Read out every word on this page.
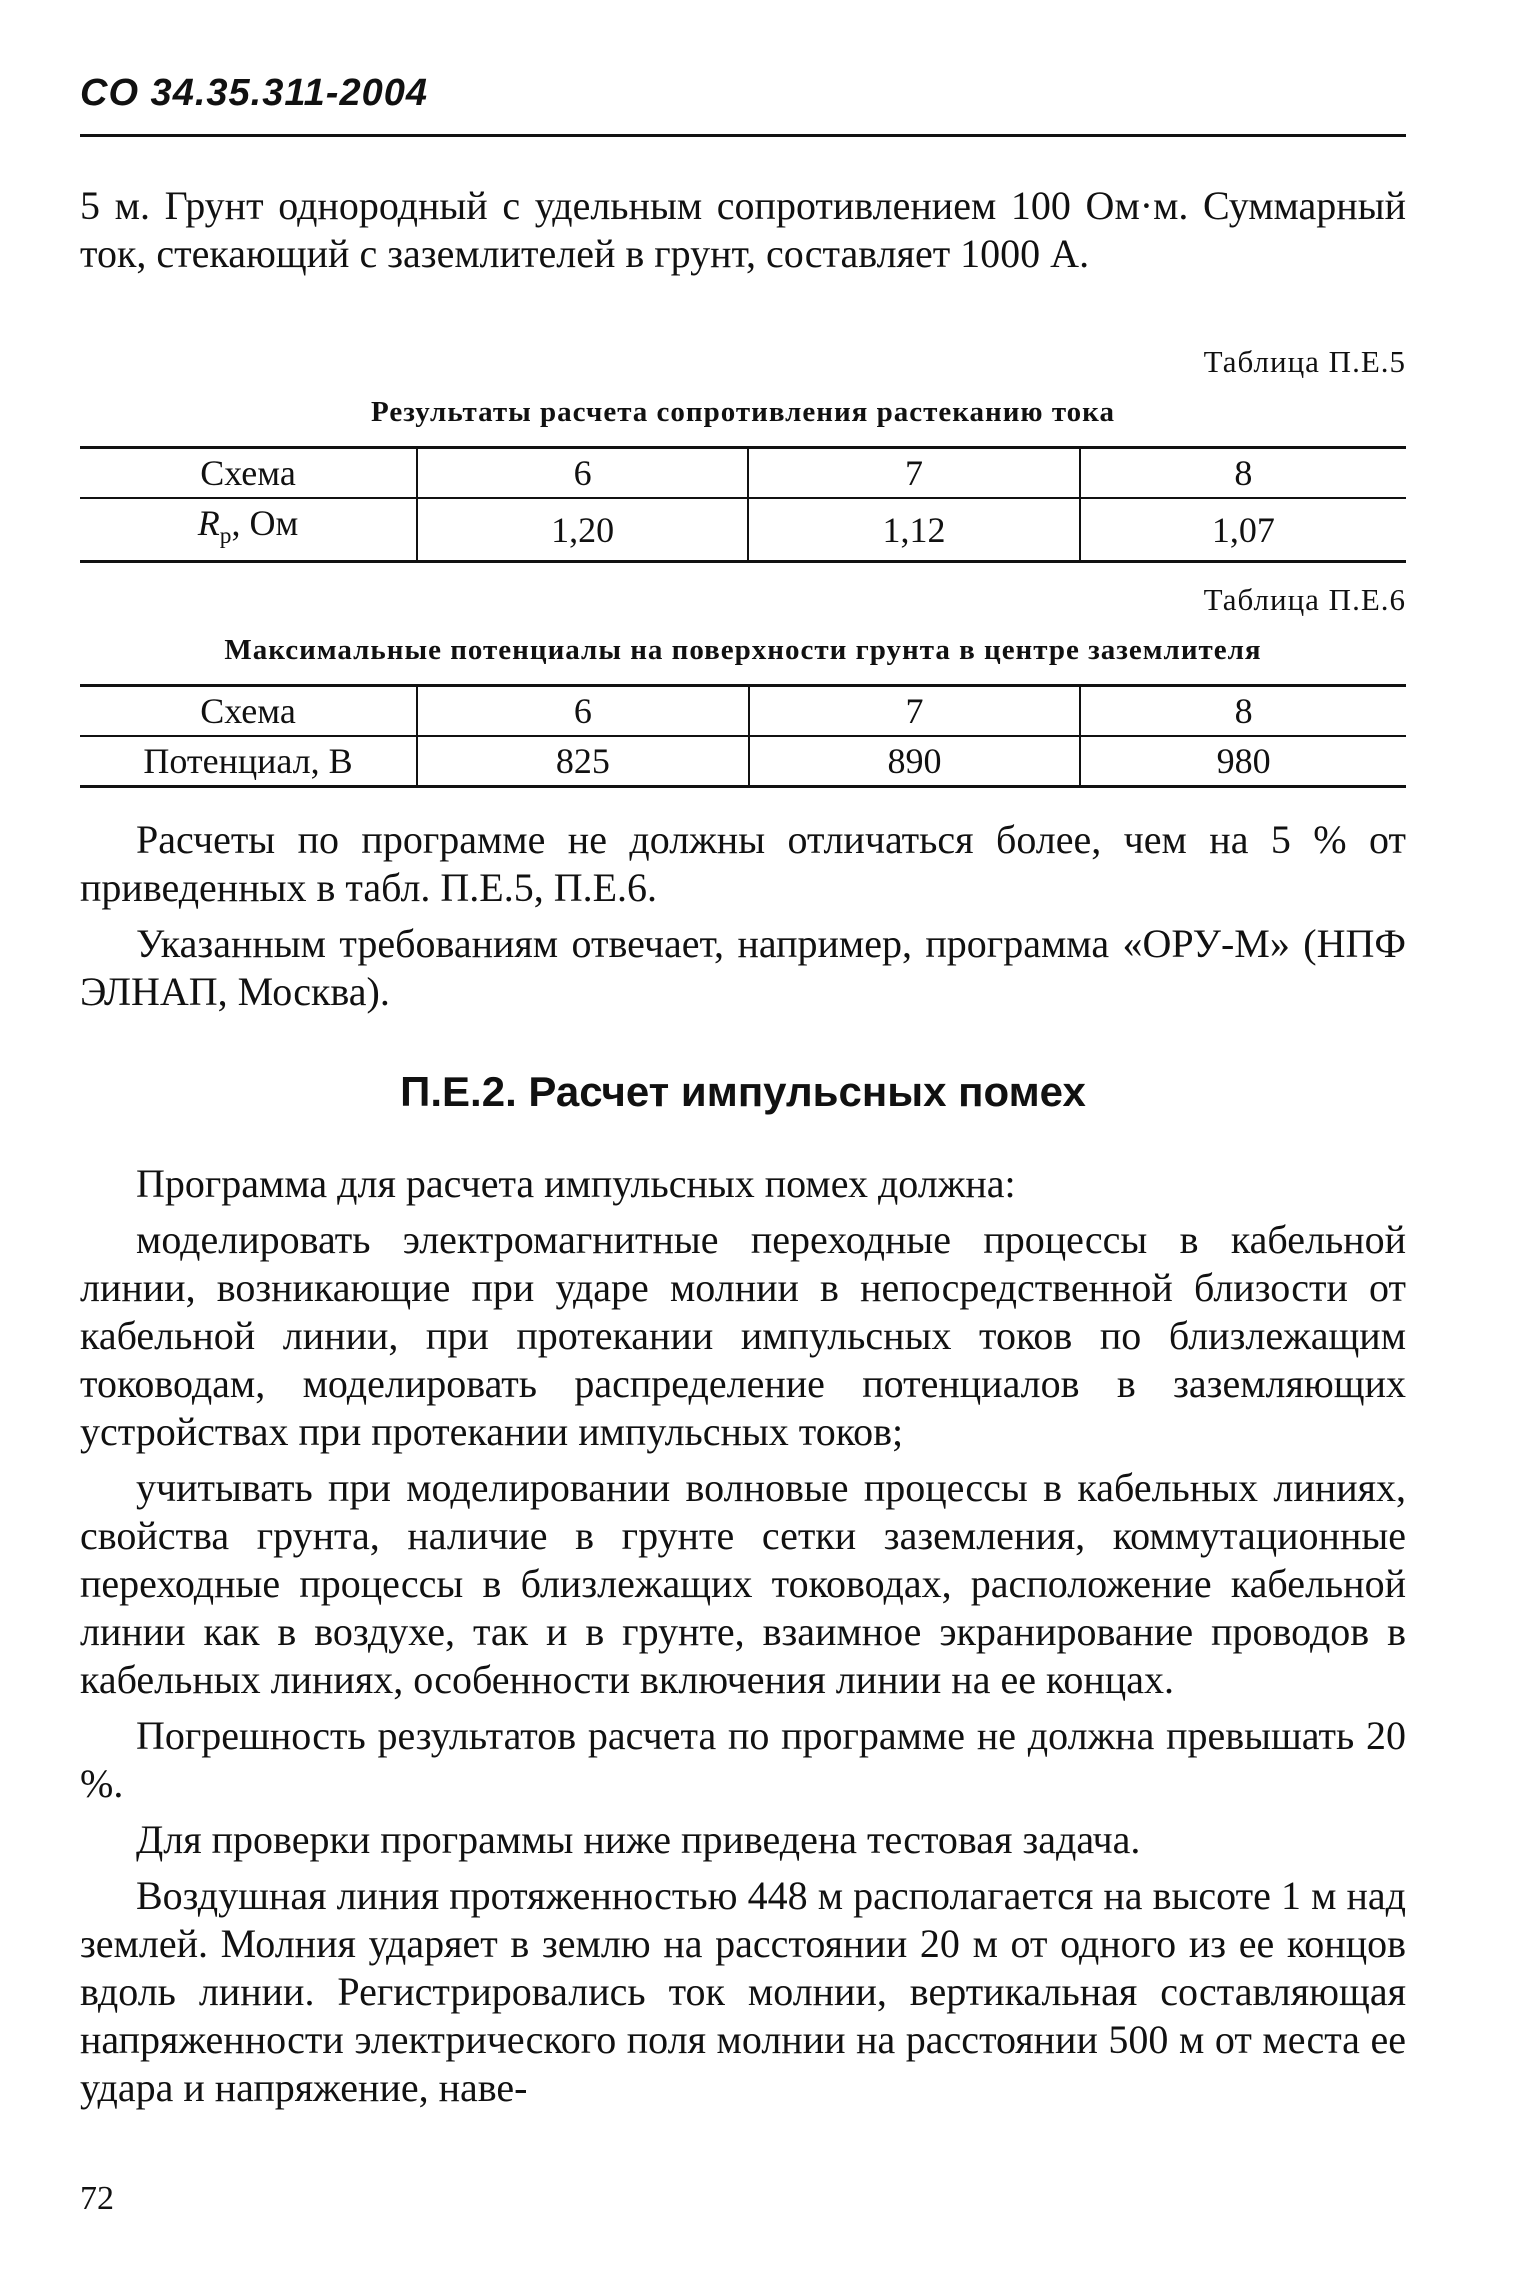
СО 34.35.311-2004

5 м. Грунт однородный с удельным сопротивлением 100 Ом·м. Суммарный ток, стекающий с заземлителей в грунт, составляет 1000 А.

Таблица П.Е.5
Результаты расчета сопротивления растеканию тока
Схема	6	7	8
$R_р$, Ом	1,20	1,12	1,07
Таблица П.Е.6
Максимальные потенциалы на поверхности грунта в центре заземлителя
Схема	6	7	8
Потенциал, В	825	890	980

Расчеты по программе не должны отличаться более, чем на 5 % от приведенных в табл. П.Е.5, П.Е.6.

Указанным требованиям отвечает, например, программа «ОРУ-М» (НПФ ЭЛНАП, Москва).

П.Е.2. Расчет импульсных помех

Программа для расчета импульсных помех должна:

моделировать электромагнитные переходные процессы в кабельной линии, возникающие при ударе молнии в непосредственной близости от кабельной линии, при протекании импульсных токов по близлежащим тоководам, моделировать распределение потенциалов в заземляющих устройствах при протекании импульсных токов;

учитывать при моделировании волновые процессы в кабельных линиях, свойства грунта, наличие в грунте сетки заземления, коммутационные переходные процессы в близлежащих тоководах, расположение кабельной линии как в воздухе, так и в грунте, взаимное экранирование проводов в кабельных линиях, особенности включения линии на ее концах.

Погрешность результатов расчета по программе не должна превышать 20 %.

Для проверки программы ниже приведена тестовая задача.

Воздушная линия протяженностью 448 м располагается на высоте 1 м над землей. Молния ударяет в землю на расстоянии 20 м от одного из ее концов вдоль линии. Регистрировались ток молнии, вертикальная составляющая напряженности электрического поля молнии на расстоянии 500 м от места ее удара и напряжение, наве-

72
